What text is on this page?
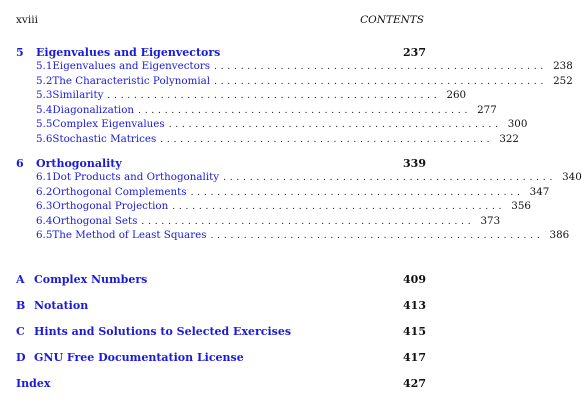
xviii	CONTENTS
5	Eigenvalues and Eigenvectors	237
5.1 Eigenvalues and Eigenvectors .................................................. 238
5.2 The Characteristic Polynomial .................................................. 252
5.3 Similarity .................................................. 260
5.4 Diagonalization .................................................. 277
5.5 Complex Eigenvalues .................................................. 300
5.6 Stochastic Matrices .................................................. 322
6	Orthogonality	339
6.1 Dot Products and Orthogonality .................................................. 340
6.2 Orthogonal Complements .................................................. 347
6.3 Orthogonal Projection .................................................. 356
6.4 Orthogonal Sets .................................................. 373
6.5 The Method of Least Squares .................................................. 386
A Complex Numbers	409
B Notation	413
C Hints and Solutions to Selected Exercises	415
D GNU Free Documentation License	417
Index	427
